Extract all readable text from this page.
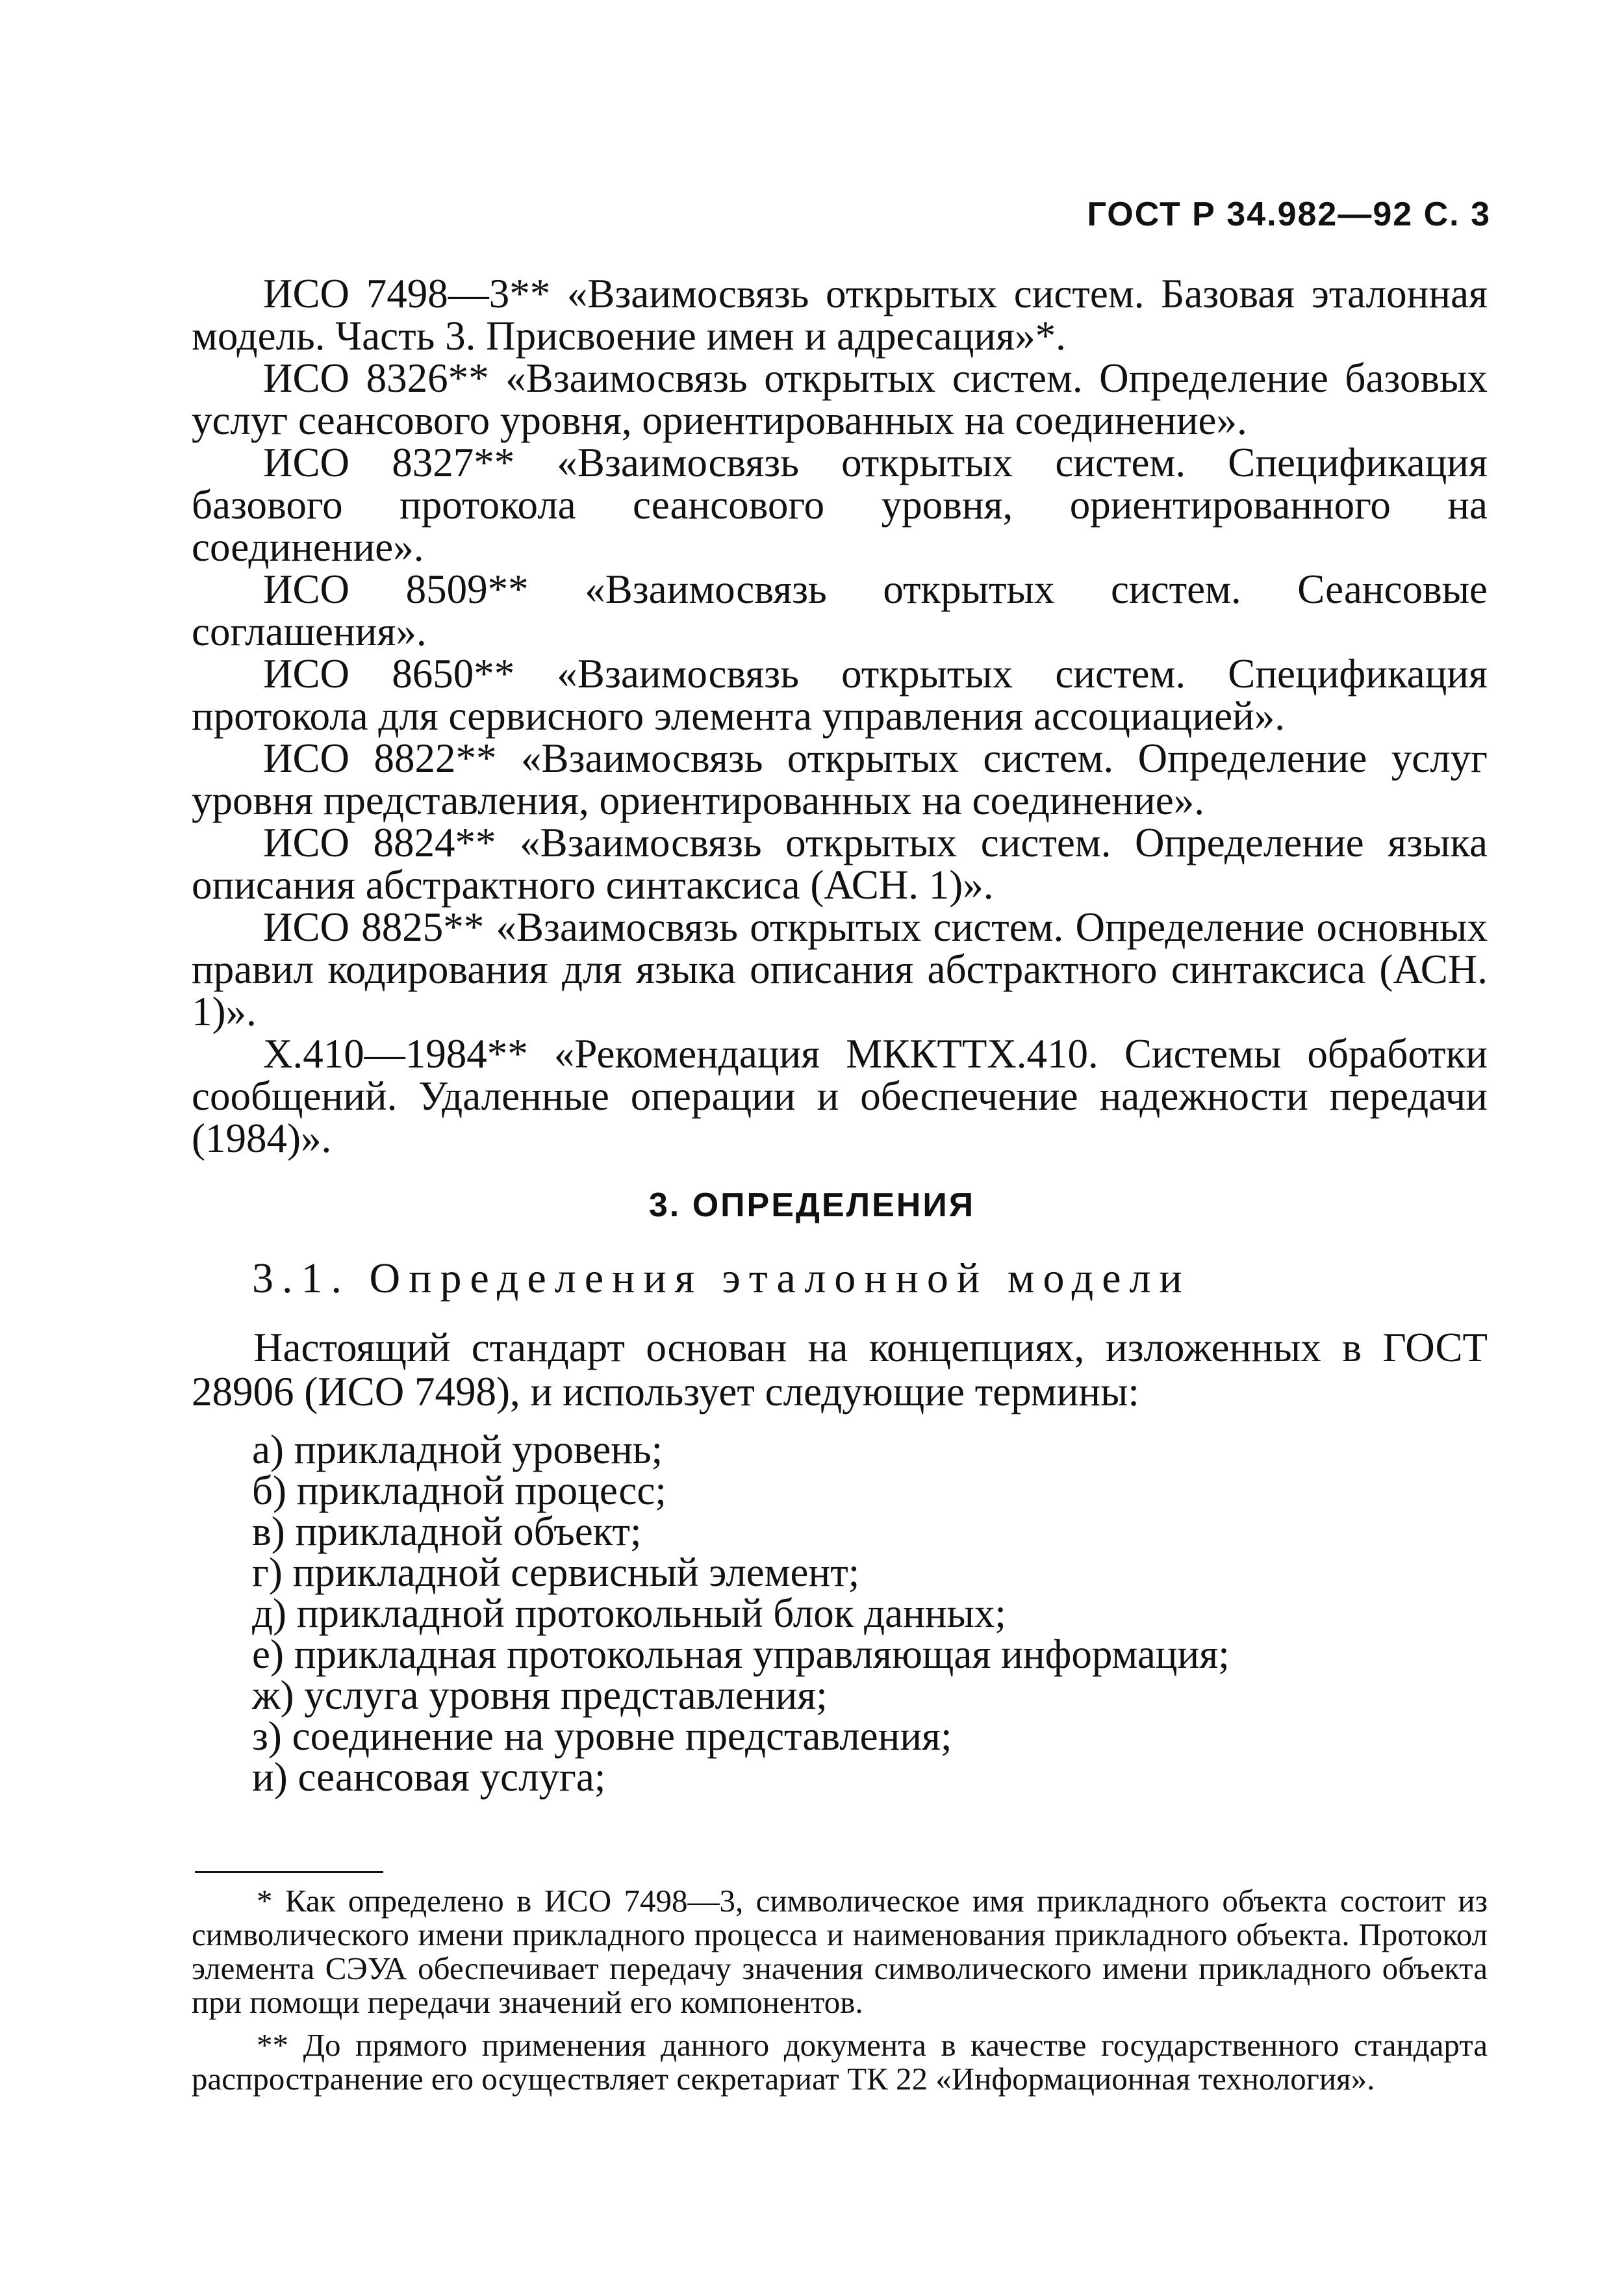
ГОСТ Р 34.982—92 С. 3

ИСО 7498—3** «Взаимосвязь открытых систем. Базовая эталонная модель. Часть 3. Присвоение имен и адресация»*.

ИСО 8326** «Взаимосвязь открытых систем. Определение базовых услуг сеансового уровня, ориентированных на соединение».

ИСО 8327** «Взаимосвязь открытых систем. Спецификация базового протокола сеансового уровня, ориентированного на соединение».

ИСО 8509** «Взаимосвязь открытых систем. Сеансовые соглашения».

ИСО 8650** «Взаимосвязь открытых систем. Спецификация протокола для сервисного элемента управления ассоциацией».

ИСО 8822** «Взаимосвязь открытых систем. Определение услуг уровня представления, ориентированных на соединение».

ИСО 8824** «Взаимосвязь открытых систем. Определение языка описания абстрактного синтаксиса (АСН. 1)».

ИСО 8825** «Взаимосвязь открытых систем. Определение основных правил кодирования для языка описания абстрактного синтаксиса (АСН. 1)».

X.410—1984** «Рекомендация МККТТХ.410. Системы обработки сообщений. Удаленные операции и обеспечение надежности передачи (1984)».

3. ОПРЕДЕЛЕНИЯ
3.1. Определения эталонной модели

Настоящий стандарт основан на концепциях, изложенных в ГОСТ 28906 (ИСО 7498), и использует следующие термины:

а) прикладной уровень;
б) прикладной процесс;
в) прикладной объект;
г) прикладной сервисный элемент;
д) прикладной протокольный блок данных;
е) прикладная протокольная управляющая информация;
ж) услуга уровня представления;
з) соединение на уровне представления;
и) сеансовая услуга;

* Как определено в ИСО 7498—3, символическое имя прикладного объекта состоит из символического имени прикладного процесса и наименования прикладного объекта. Протокол элемента СЭУА обеспечивает передачу значения символического имени прикладного объекта при помощи передачи значений его компонентов.

** До прямого применения данного документа в качестве государственного стандарта распространение его осуществляет секретариат ТК 22 «Информационная технология».
